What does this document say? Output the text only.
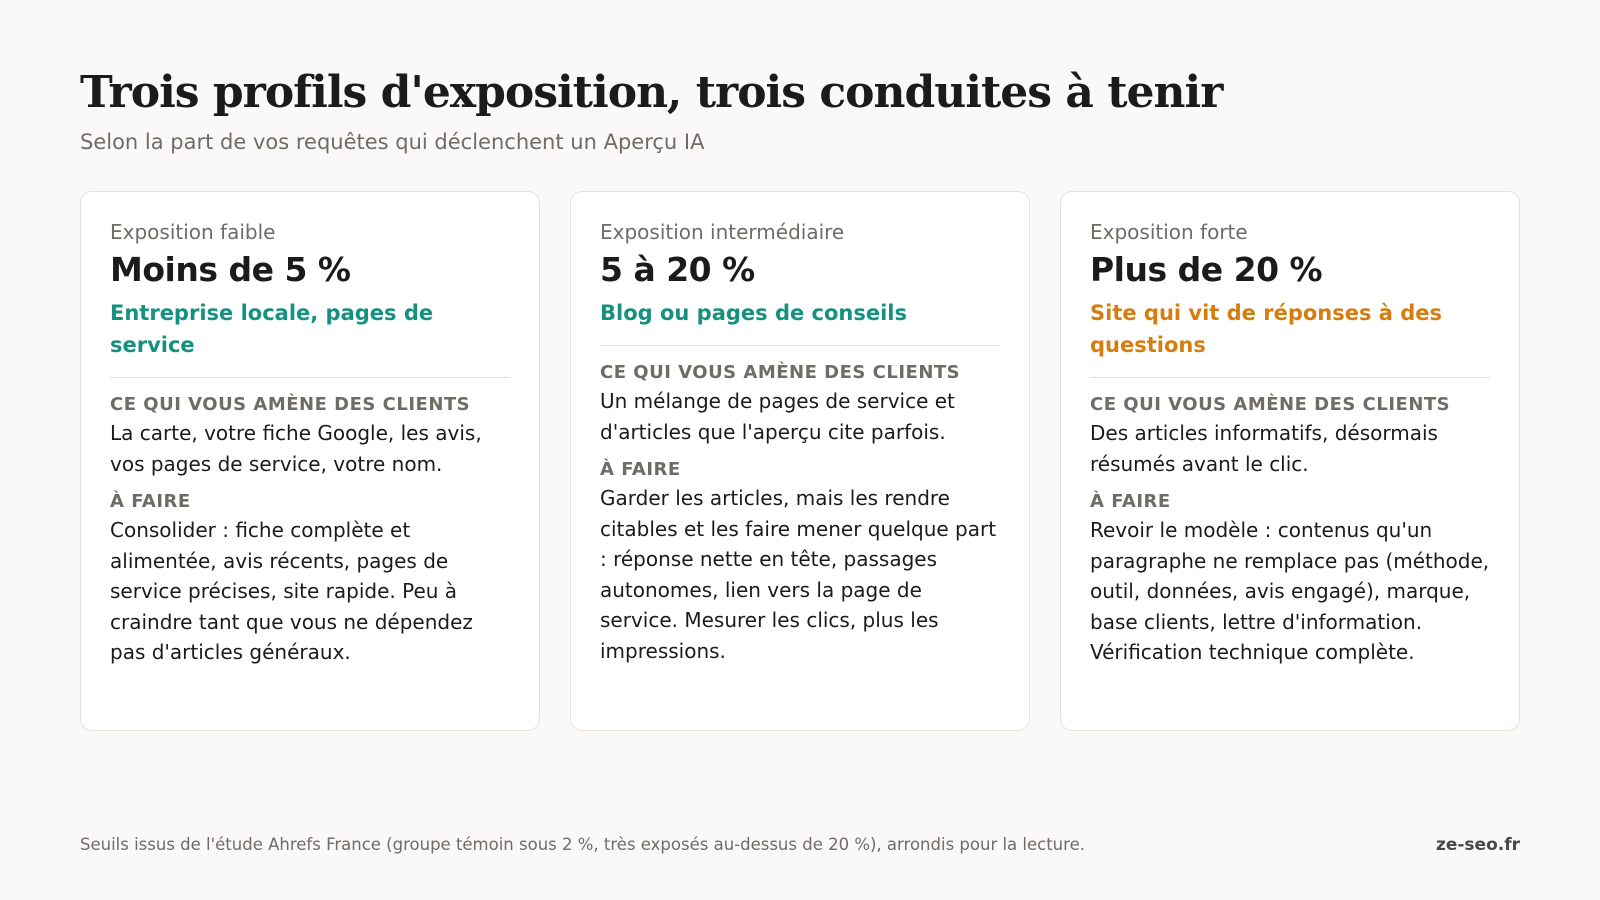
Trois profils d'exposition, trois conduites à tenir

Selon la part de vos requêtes qui déclenchent un Aperçu IA

Exposition faible
Moins de 5 %
Entreprise locale, pages de service
CE QUI VOUS AMÈNE DES CLIENTS
La carte, votre fiche Google, les avis, vos pages de service, votre nom.
À FAIRE
Consolider : fiche complète et alimentée, avis récents, pages de service précises, site rapide. Peu à craindre tant que vous ne dépendez pas d'articles généraux.
Exposition intermédiaire
5 à 20 %
Blog ou pages de conseils
CE QUI VOUS AMÈNE DES CLIENTS
Un mélange de pages de service et d'articles que l'aperçu cite parfois.
À FAIRE
Garder les articles, mais les rendre citables et les faire mener quelque part : réponse nette en tête, passages autonomes, lien vers la page de service. Mesurer les clics, plus les impressions.
Exposition forte
Plus de 20 %
Site qui vit de réponses à des questions
CE QUI VOUS AMÈNE DES CLIENTS
Des articles informatifs, désormais résumés avant le clic.
À FAIRE
Revoir le modèle : contenus qu'un paragraphe ne remplace pas (méthode, outil, données, avis engagé), marque, base clients, lettre d'information. Vérification technique complète.
Seuils issus de l'étude Ahrefs France (groupe témoin sous 2 %, très exposés au-dessus de 20 %), arrondis pour la lecture.	ze-seo.fr
